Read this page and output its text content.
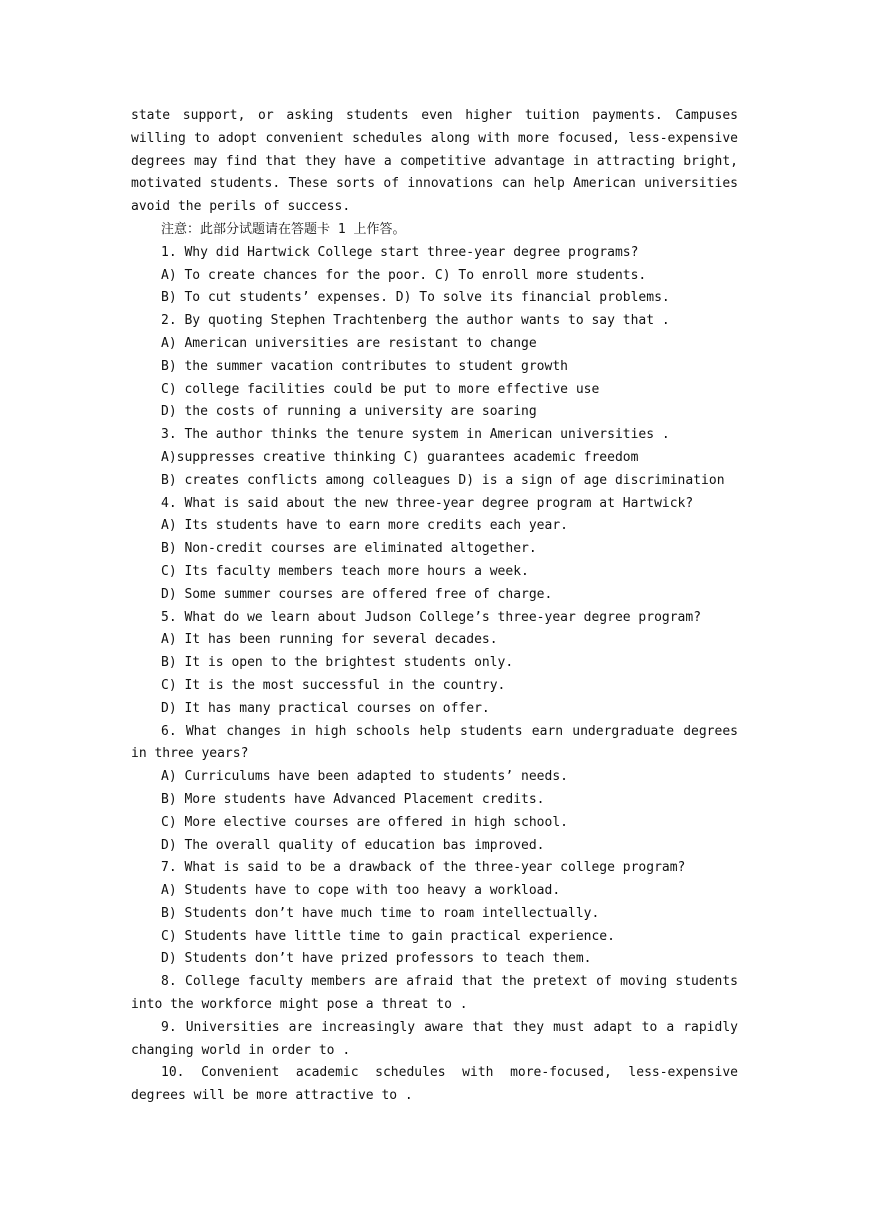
state support, or asking students even higher tuition payments. Campuses willing to adopt convenient schedules along with more focused, less-expensive degrees may find that they have a competitive advantage in attracting bright, motivated students. These sorts of innovations can help American universities avoid the perils of success.

注意：此部分试题请在答题卡 1 上作答。

1. Why did Hartwick College start three-year degree programs?

A) To create chances for the poor. C) To enroll more students.

B) To cut students’ expenses. D) To solve its financial problems.

2. By quoting Stephen Trachtenberg the author wants to say that .

A) American universities are resistant to change

B) the summer vacation contributes to student growth

C) college facilities could be put to more effective use

D) the costs of running a university are soaring

3. The author thinks the tenure system in American universities .

A)suppresses creative thinking C) guarantees academic freedom

B) creates conflicts among colleagues D) is a sign of age discrimination

4. What is said about the new three-year degree program at Hartwick?

A) Its students have to earn more credits each year.

B) Non-credit courses are eliminated altogether.

C) Its faculty members teach more hours a week.

D) Some summer courses are offered free of charge.

5. What do we learn about Judson College’s three-year degree program?

A) It has been running for several decades.

B) It is open to the brightest students only.

C) It is the most successful in the country.

D) It has many practical courses on offer.

6. What changes in high schools help students earn undergraduate degrees in three years?

A) Curriculums have been adapted to students’ needs.

B) More students have Advanced Placement credits.

C) More elective courses are offered in high school.

D) The overall quality of education bas improved.

7. What is said to be a drawback of the three-year college program?

A) Students have to cope with too heavy a workload.

B) Students don’t have much time to roam intellectually.

C) Students have little time to gain practical experience.

D) Students don’t have prized professors to teach them.

8. College faculty members are afraid that the pretext of moving students into the workforce might pose a threat to .

9. Universities are increasingly aware that they must adapt to a rapidly changing world in order to .

10. Convenient academic schedules with more-focused, less-expensive degrees will be more attractive to .
